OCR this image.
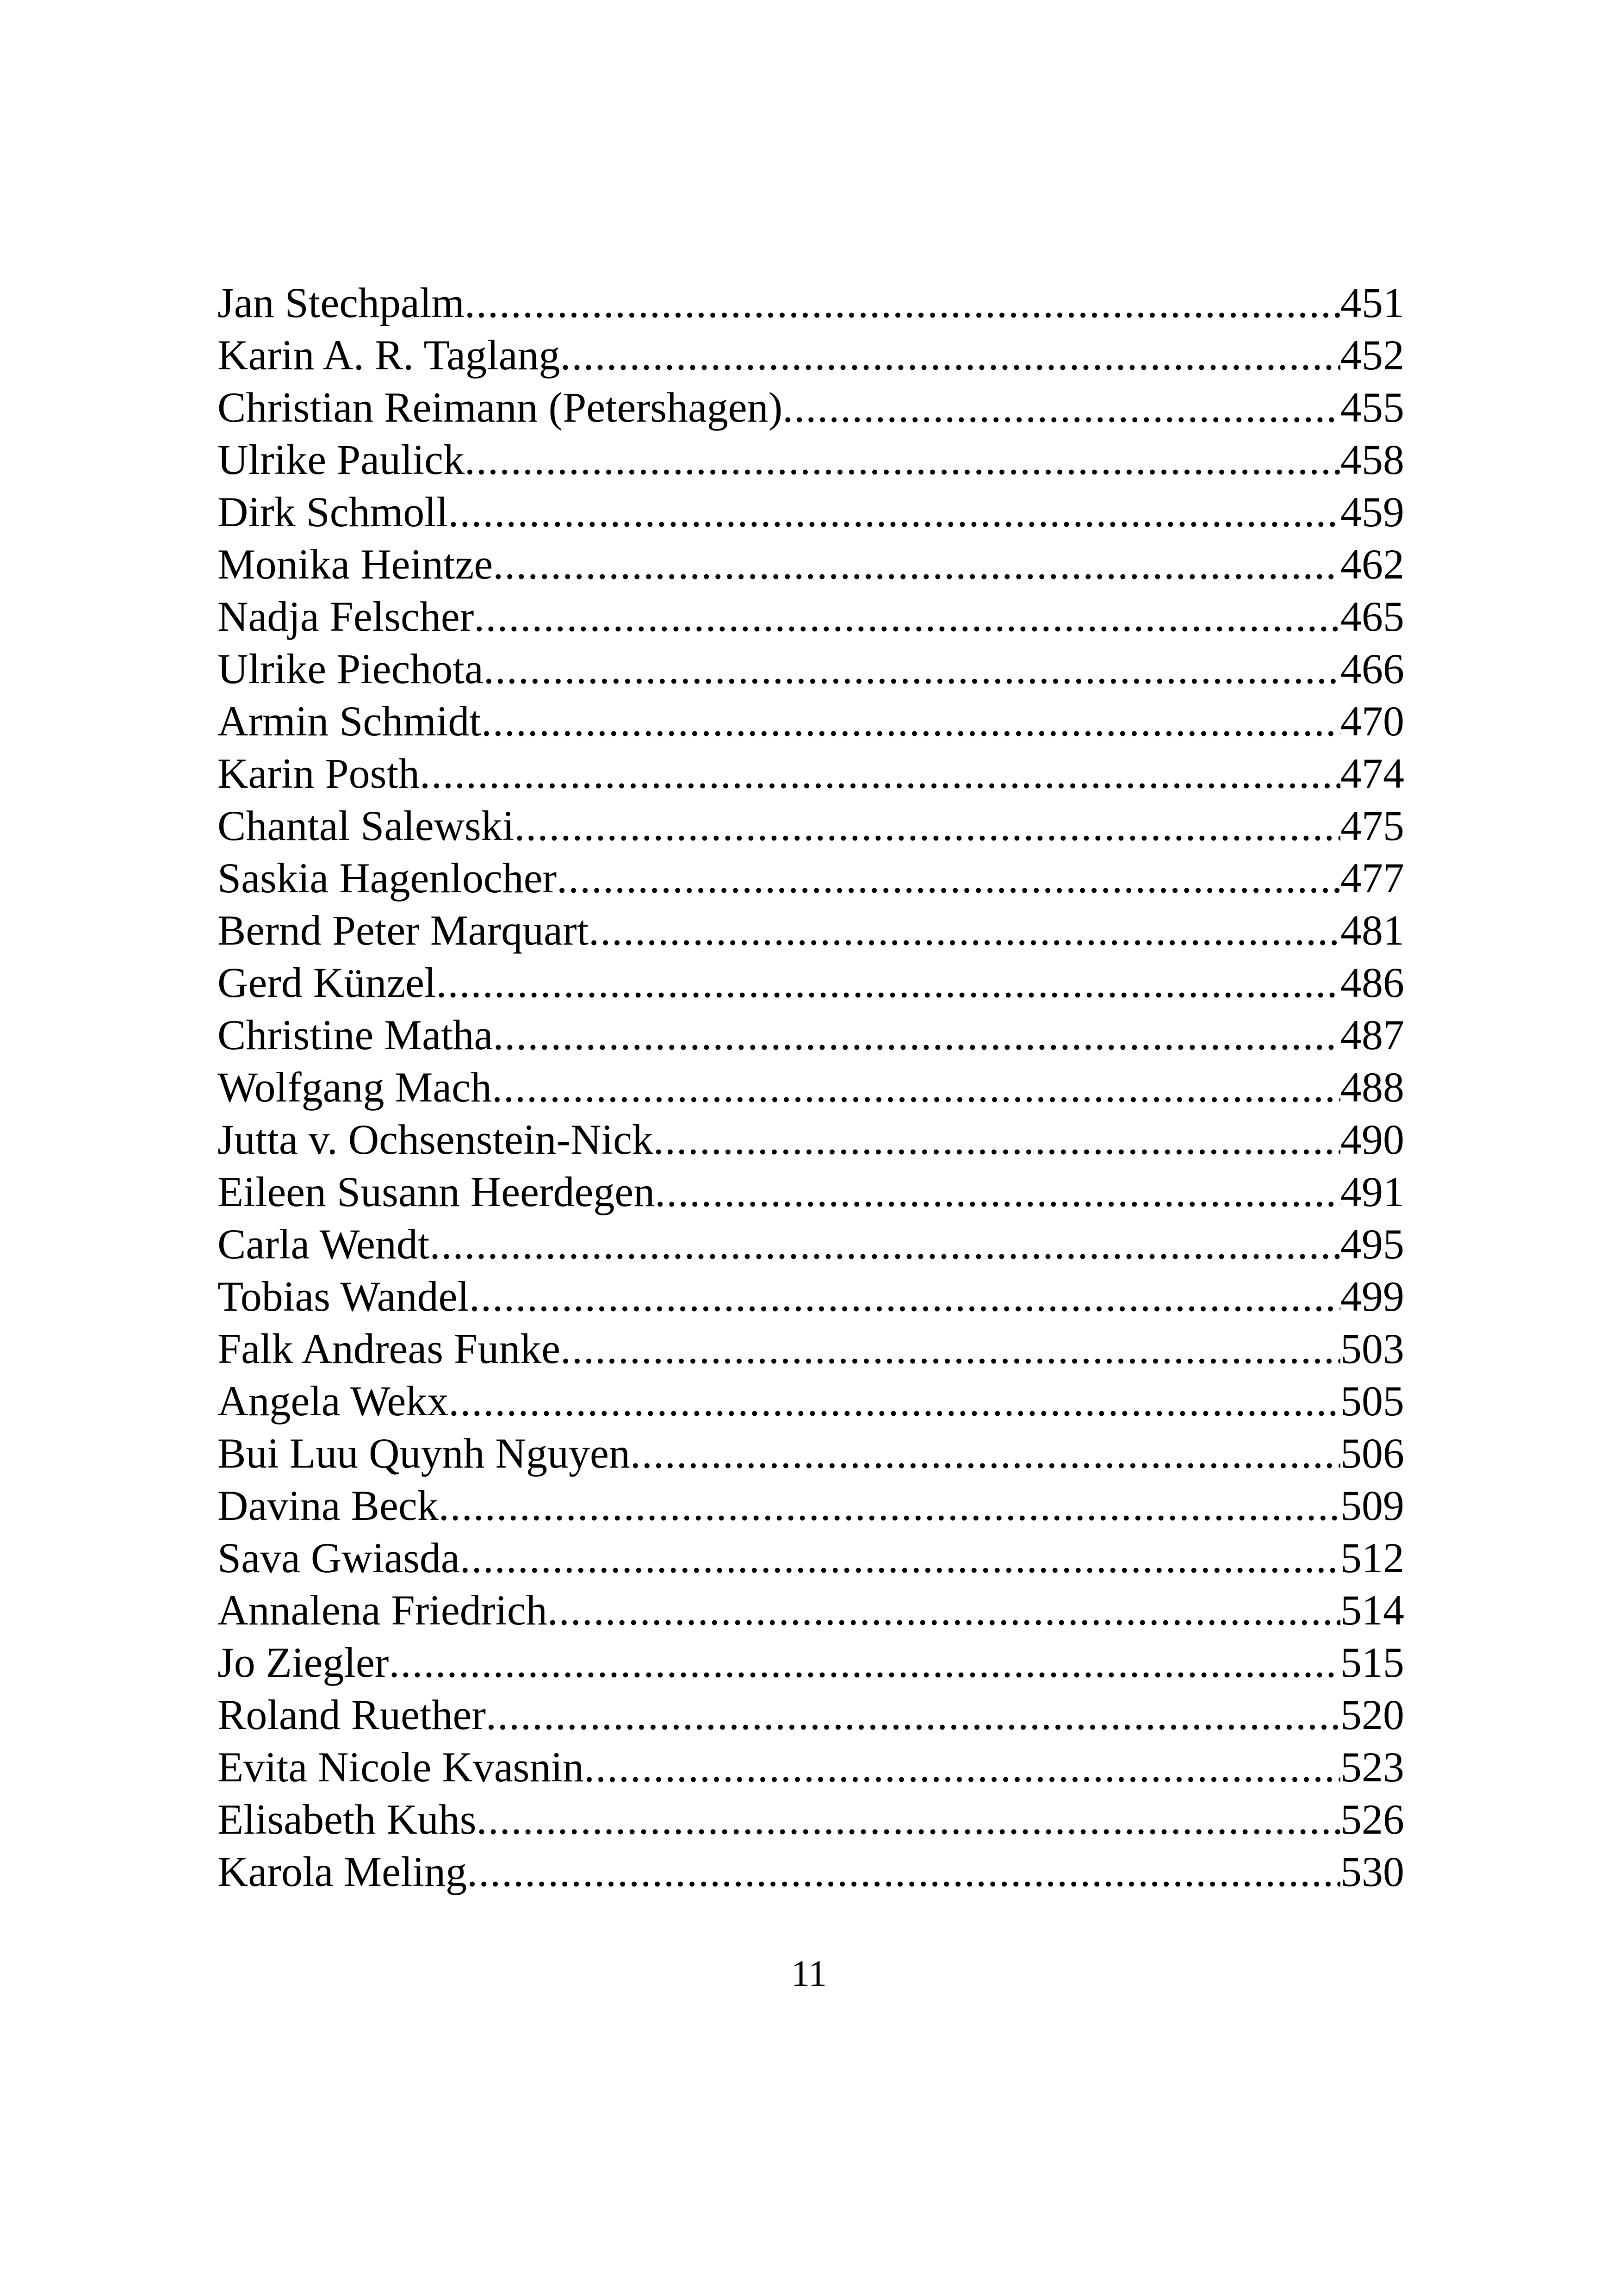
Jan Stechpalm .....	451
Karin A. R. Taglang .....	452
Christian Reimann (Petershagen) .....	455
Ulrike Paulick .....	458
Dirk Schmoll .....	459
Monika Heintze .....	462
Nadja Felscher .....	465
Ulrike Piechota .....	466
Armin Schmidt .....	470
Karin Posth .....	474
Chantal Salewski .....	475
Saskia Hagenlocher .....	477
Bernd Peter Marquart .....	481
Gerd Künzel .....	486
Christine Matha .....	487
Wolfgang Mach .....	488
Jutta v. Ochsenstein-Nick .....	490
Eileen Susann Heerdegen .....	491
Carla Wendt .....	495
Tobias Wandel .....	499
Falk Andreas Funke .....	503
Angela Wekx .....	505
Bui Luu Quynh Nguyen .....	506
Davina Beck .....	509
Sava Gwiasda .....	512
Annalena Friedrich .....	514
Jo Ziegler .....	515
Roland Ruether .....	520
Evita Nicole Kvasnin .....	523
Elisabeth Kuhs .....	526
Karola Meling .....	530
11
